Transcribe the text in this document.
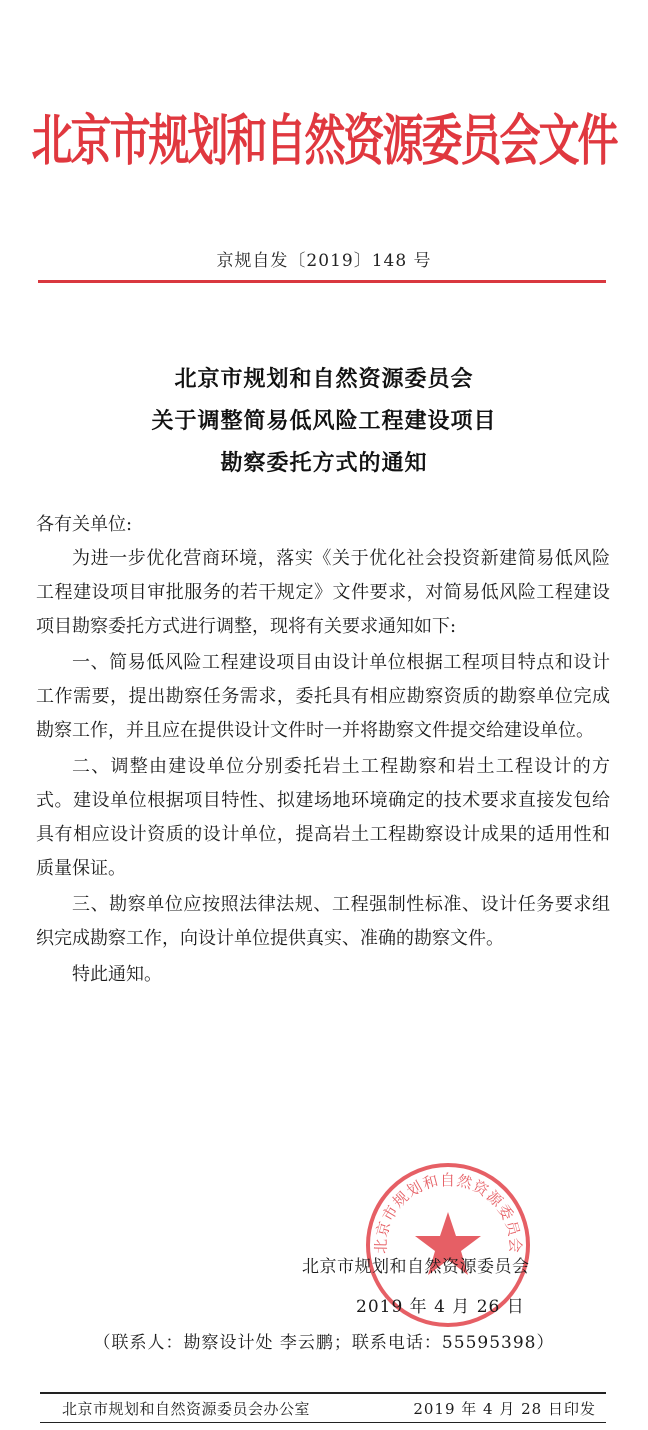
北京市规划和自然资源委员会文件
京规自发〔2019〕148 号
北京市规划和自然资源委员会
关于调整简易低风险工程建设项目
勘察委托方式的通知
各有关单位:

为进一步优化营商环境，落实《关于优化社会投资新建简易低风险工程建设项目审批服务的若干规定》文件要求，对简易低风险工程建设项目勘察委托方式进行调整，现将有关要求通知如下:

一、简易低风险工程建设项目由设计单位根据工程项目特点和设计工作需要，提出勘察任务需求，委托具有相应勘察资质的勘察单位完成勘察工作，并且应在提供设计文件时一并将勘察文件提交给建设单位。

二、调整由建设单位分别委托岩土工程勘察和岩土工程设计的方式。建设单位根据项目特性、拟建场地环境确定的技术要求直接发包给具有相应设计资质的设计单位，提高岩土工程勘察设计成果的适用性和质量保证。

三、勘察单位应按照法律法规、工程强制性标准、设计任务要求组织完成勘察工作，向设计单位提供真实、准确的勘察文件。

特此通知。

北京市规划和自然资源委员会
北京市规划和自然资源委员会
2019 年 4 月 26 日
（联系人：勘察设计处 李云鹏；联系电话：55595398）
北京市规划和自然资源委员会办公室	2019 年 4 月 28 日印发
